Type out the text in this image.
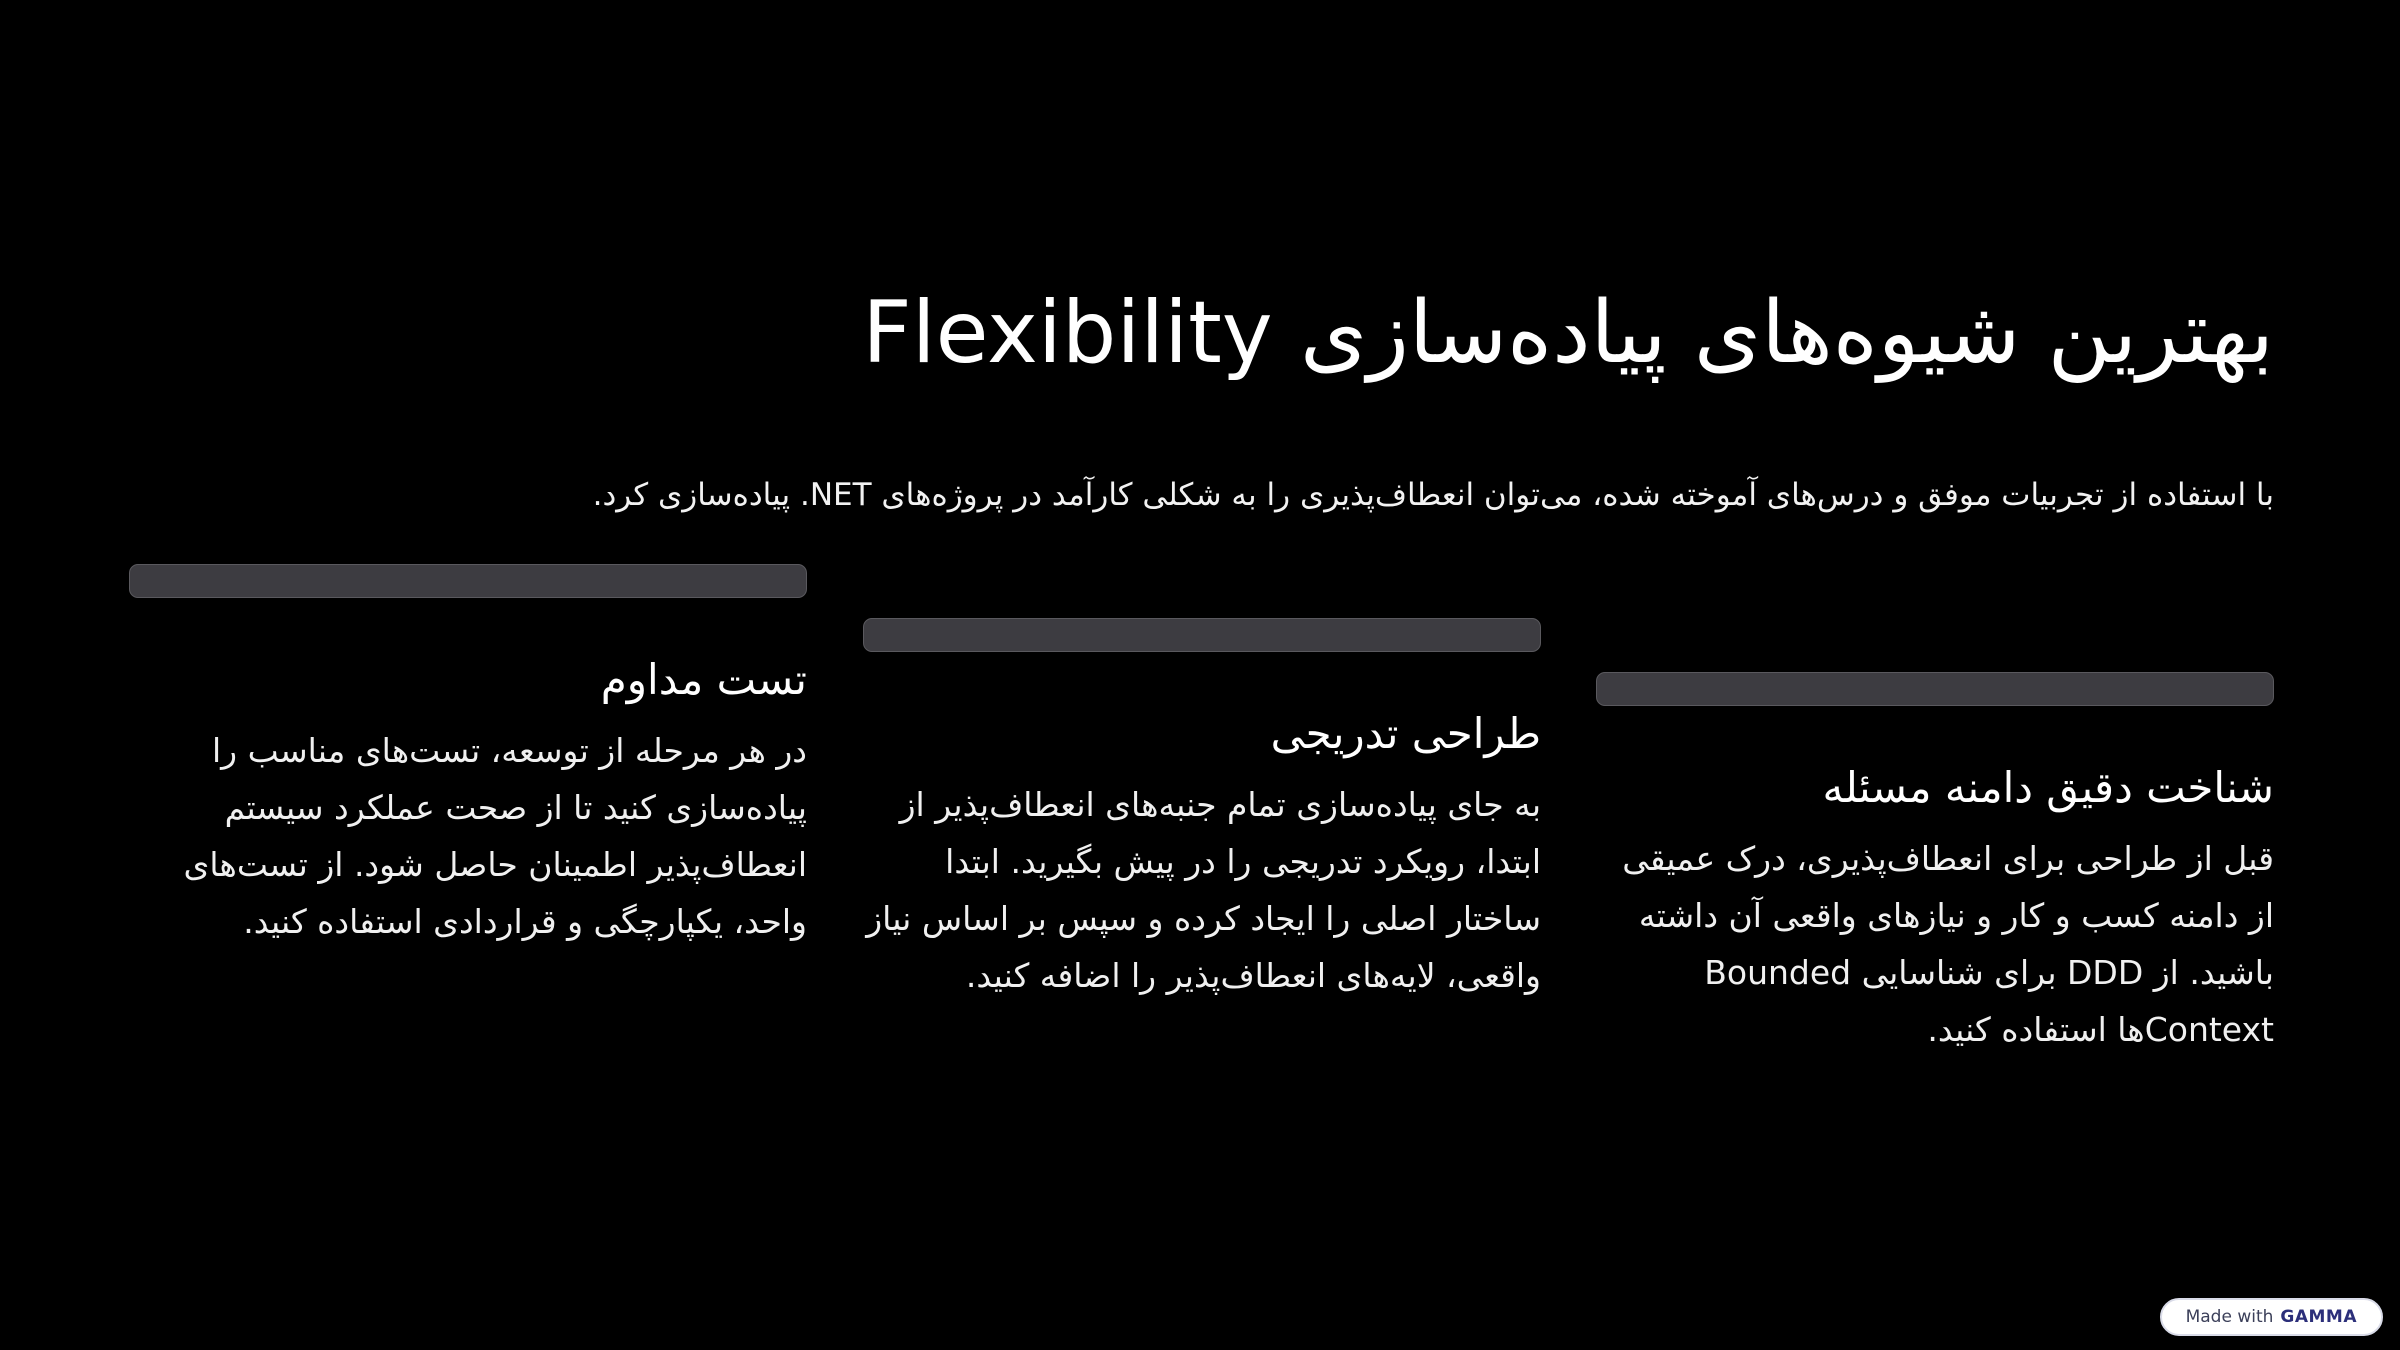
بهترین شیوه‌های پیاده‌سازی Flexibility

با استفاده از تجربیات موفق و درس‌های آموخته شده، می‌توان انعطاف‌پذیری را به شکلی کارآمد در پروژه‌های NET. پیاده‌سازی کرد.

شناخت دقیق دامنه مسئله

قبل از طراحی برای انعطاف‌پذیری، درک عمیقی از دامنه کسب و کار و نیازهای واقعی آن داشته باشید. از DDD برای شناسایی Bounded Contextها استفاده کنید.

طراحی تدریجی

به جای پیاده‌سازی تمام جنبه‌های انعطاف‌پذیر از ابتدا، رویکرد تدریجی را در پیش بگیرید. ابتدا ساختار اصلی را ایجاد کرده و سپس بر اساس نیاز واقعی، لایه‌های انعطاف‌پذیر را اضافه کنید.

تست مداوم

در هر مرحله از توسعه، تست‌های مناسب را پیاده‌سازی کنید تا از صحت عملکرد سیستم انعطاف‌پذیر اطمینان حاصل شود. از تست‌های واحد، یکپارچگی و قراردادی استفاده کنید.

Made with GAMMA
